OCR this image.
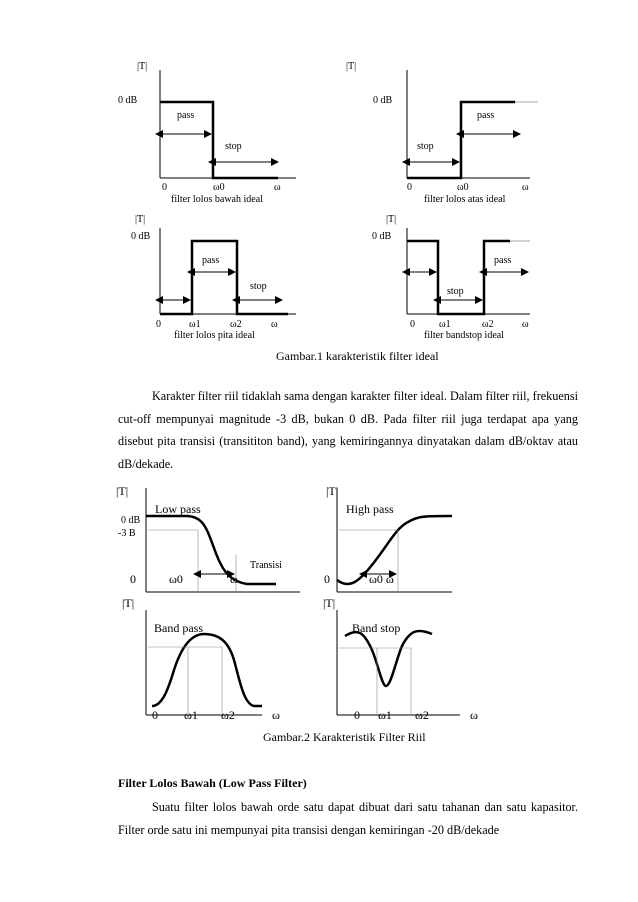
|T|
0 dB
pass
stop
0	ω0	ω
filter lolos bawah ideal
|T|
0 dB
pass
stop
0	ω0	ω
filter lolos atas ideal
|T|
0 dB
pass
stop
0	ω1	ω2	ω
filter lolos pita ideal
|T|
0 dB
pass
stop
0 ω1	ω2	ω
filter bandstop ideal
Gambar.1 karakteristik filter ideal

Karakter filter riil tidaklah sama dengan karakter filter ideal. Dalam filter riil, frekuensi cut-off mempunyai magnitude -3 dB, bukan 0 dB. Pada filter riil juga terdapat apa yang disebut pita transisi (transititon band), yang kemiringannya dinyatakan dalam dB/oktav atau dB/dekade.

|T|
Low pass
0 dB
-3 B
Transisi
0	ω0	ω
|T|
High pass
0	ω0 ω
|T|
Band pass
0 ω1 ω2	ω
|T|
Band stop
0 ω1 ω2	ω
Gambar.2 Karakteristik Filter Riil
Filter Lolos Bawah (Low Pass Filter)

Suatu filter lolos bawah orde satu dapat dibuat dari satu tahanan dan satu kapasitor. Filter orde satu ini mempunyai pita transisi dengan kemiringan -20 dB/dekade
